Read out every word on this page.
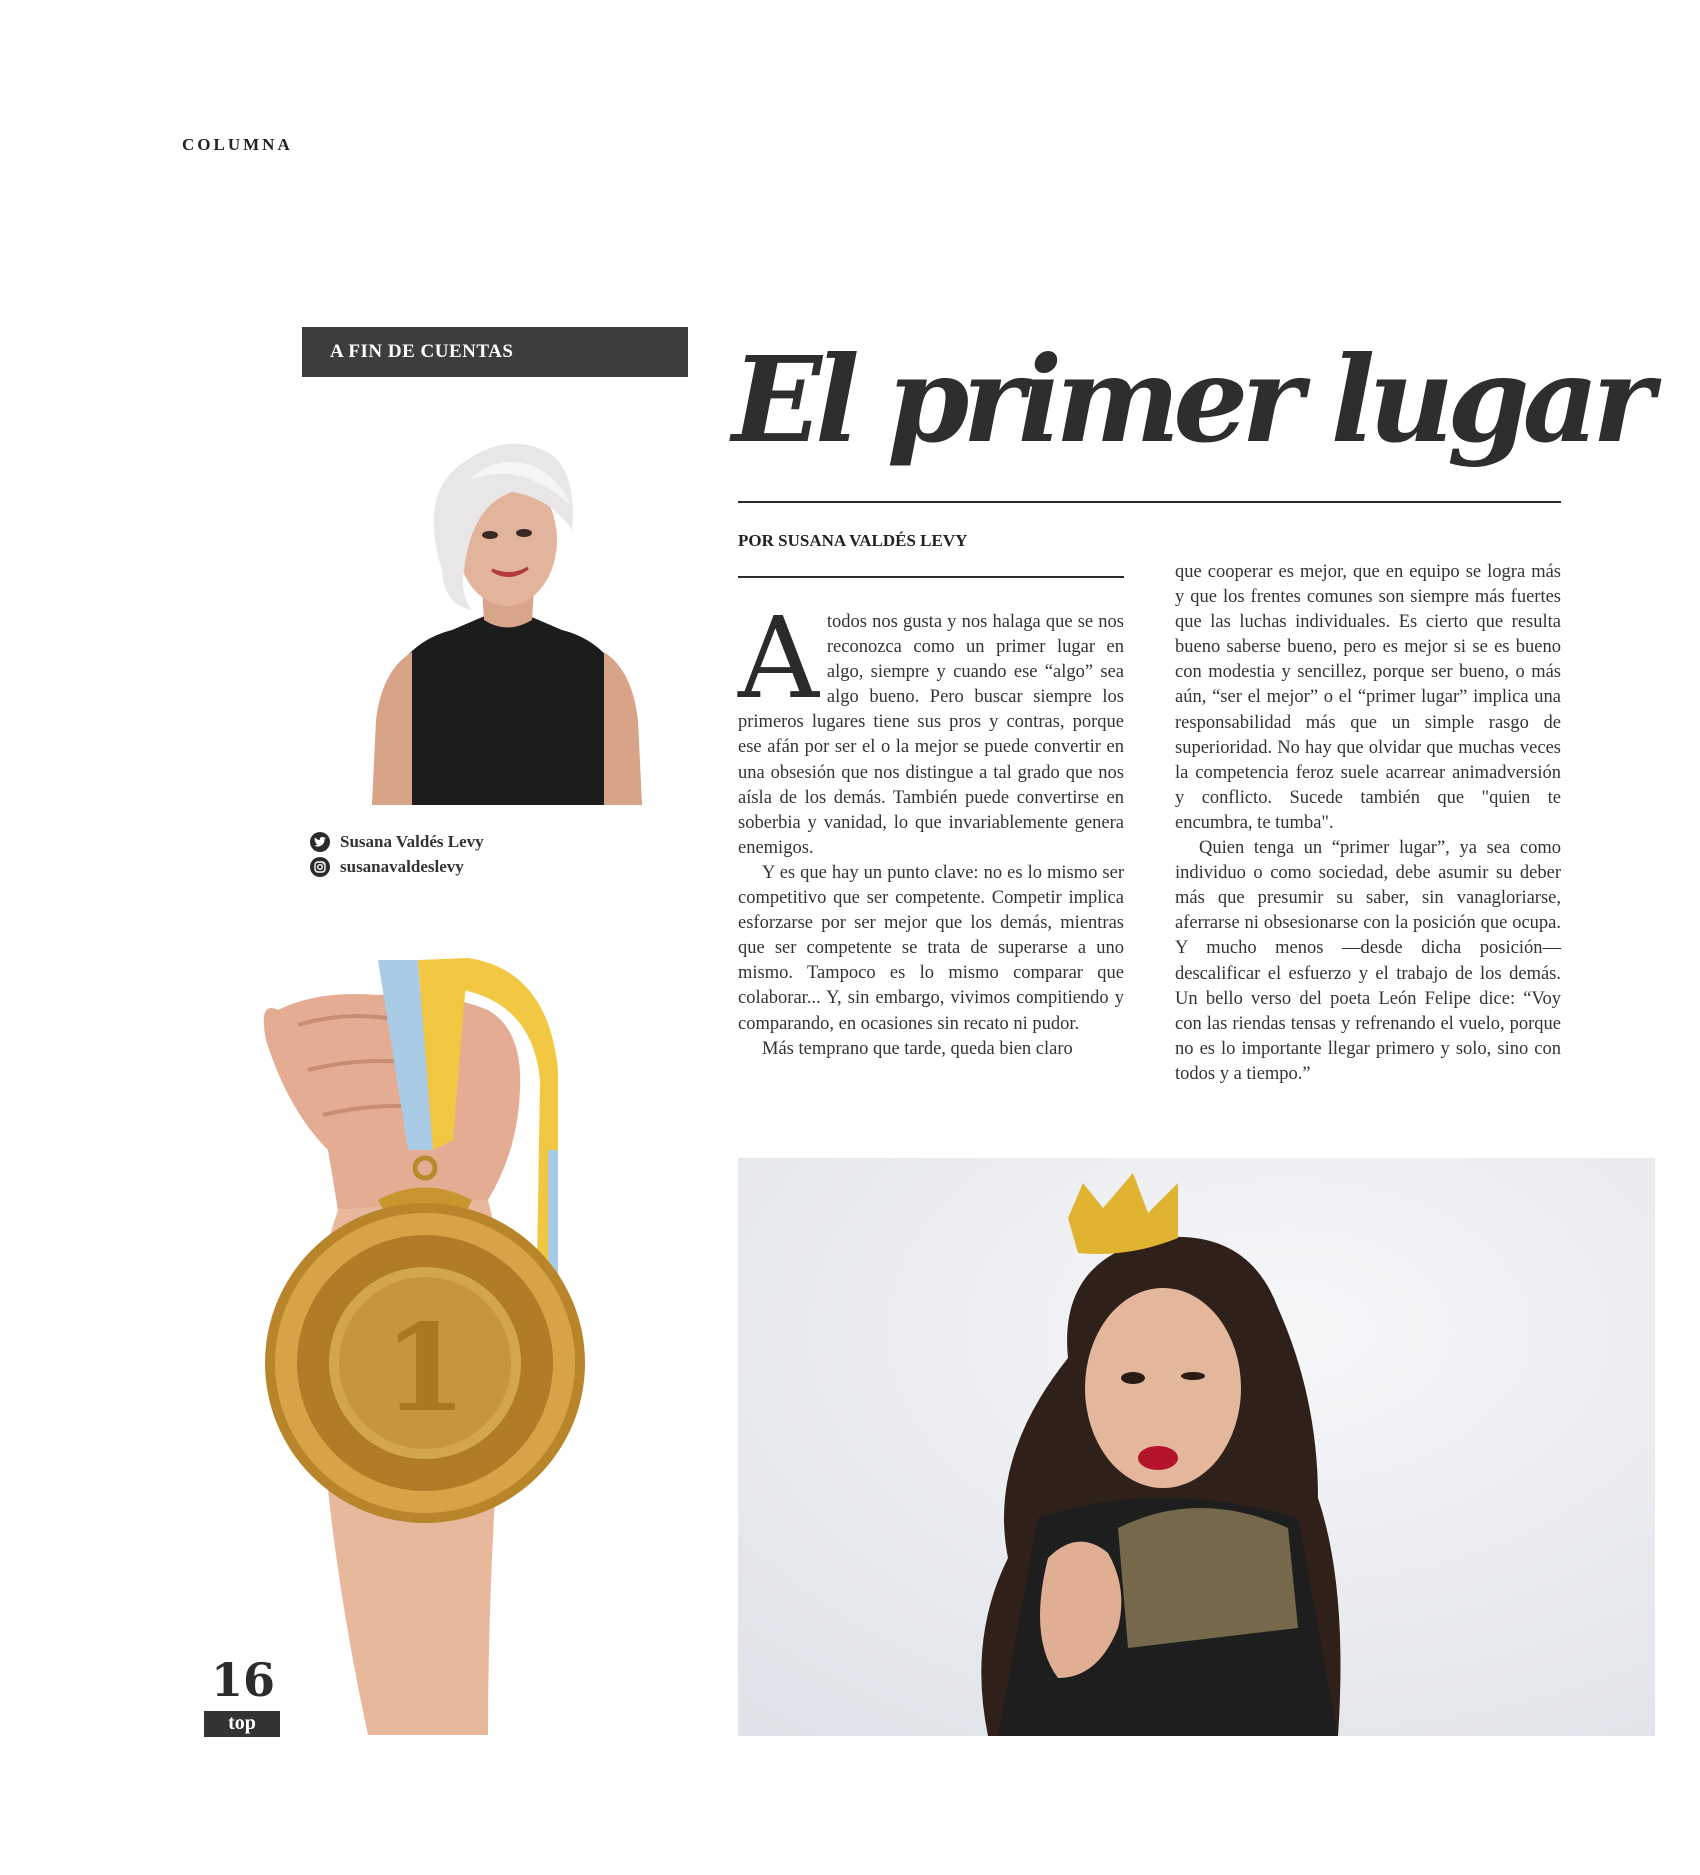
COLUMNA
A FIN DE CUENTAS	El primer lugar
POR SUSANA VALDÉS LEVY
Susana Valdés Levy
susanavaldeslevy

A todos nos gusta y nos halaga que se nos reconozca como un primer lugar en algo, siempre y cuando ese “algo” sea algo bueno. Pero buscar siempre los primeros lugares tiene sus pros y contras, porque ese afán por ser el o la mejor se puede convertir en una obsesión que nos distingue a tal grado que nos aísla de los demás. También puede convertirse en soberbia y vanidad, lo que invariablemente genera enemigos.

Y es que hay un punto clave: no es lo mismo ser competitivo que ser competente. Competir implica esforzarse por ser mejor que los demás, mientras que ser competente se trata de superarse a uno mismo. Tampoco es lo mismo comparar que colaborar... Y, sin embargo, vivimos compitiendo y comparando, en ocasiones sin recato ni pudor.

Más temprano que tarde, queda bien claro

que cooperar es mejor, que en equipo se logra más y que los frentes comunes son siempre más fuertes que las luchas individuales. Es cierto que resulta bueno saberse bueno, pero es mejor si se es bueno con modestia y sencillez, porque ser bueno, o más aún, “ser el mejor” o el “primer lugar” implica una responsabilidad más que un simple rasgo de superioridad. No hay que olvidar que muchas veces la competencia feroz suele acarrear animadversión y conflicto. Sucede también que "quien te encumbra, te tumba".

Quien tenga un “primer lugar”, ya sea como individuo o como sociedad, debe asumir su deber más que presumir su saber, sin vanagloriarse, aferrarse ni obsesionarse con la posición que ocupa. Y mucho menos —desde dicha posición— descalificar el esfuerzo y el trabajo de los demás. Un bello verso del poeta León Felipe dice: “Voy con las riendas tensas y refrenando el vuelo, porque no es lo importante llegar primero y solo, sino con todos y a tiempo.”

1
16
top
